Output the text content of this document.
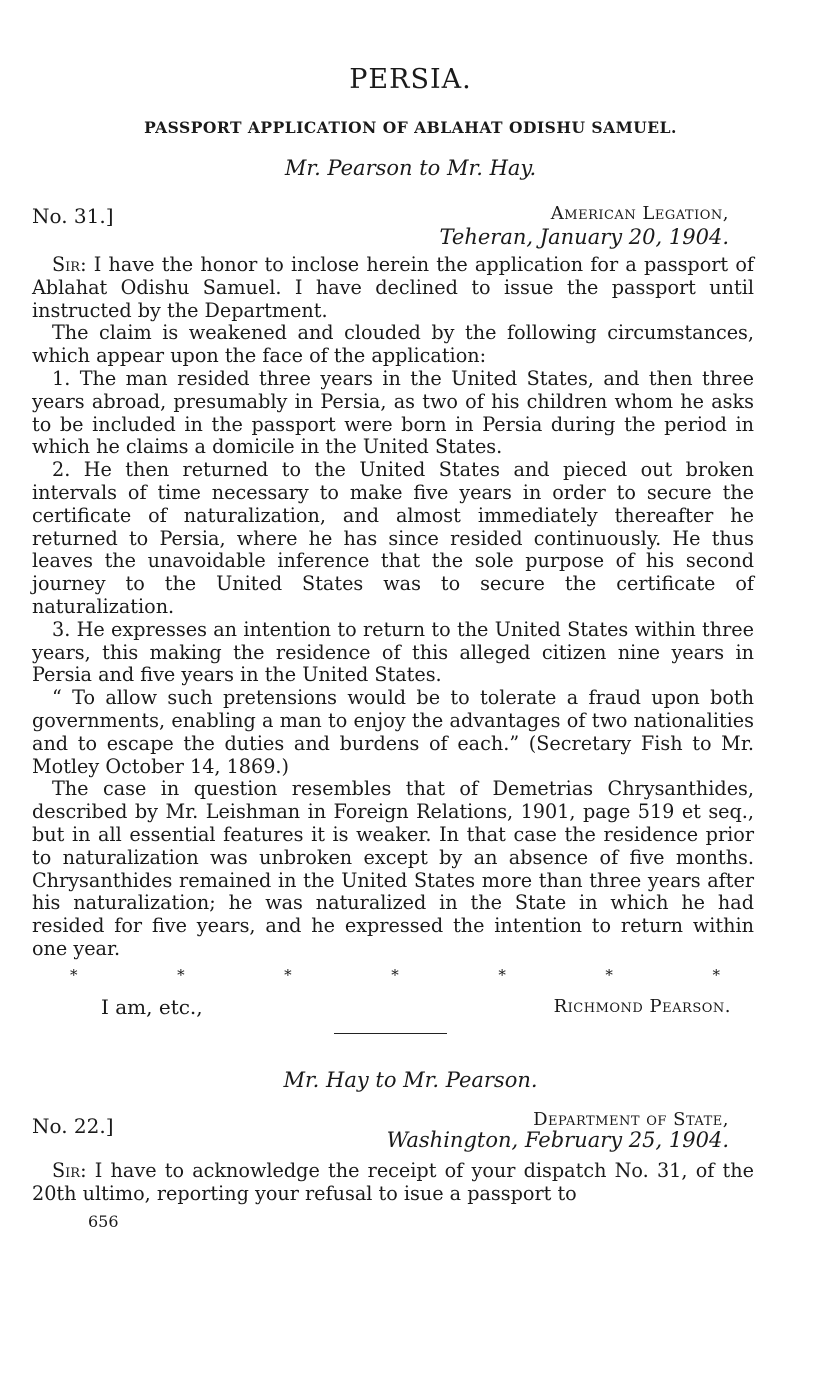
PERSIA.
PASSPORT APPLICATION OF ABLAHAT ODISHU SAMUEL.
Mr. Pearson to Mr. Hay.
No. 31.]	American Legation,
Teheran, January 20, 1904.

Sir: I have the honor to inclose herein the application for a passport of Ablahat Odishu Samuel. I have declined to issue the passport until instructed by the Department.

The claim is weakened and clouded by the following circumstances, which appear upon the face of the application:

1. The man resided three years in the United States, and then three years abroad, presumably in Persia, as two of his children whom he asks to be included in the passport were born in Persia during the period in which he claims a domicile in the United States.

2. He then returned to the United States and pieced out broken intervals of time necessary to make five years in order to secure the certificate of naturalization, and almost immediately thereafter he returned to Persia, where he has since resided continuously. He thus leaves the unavoidable inference that the sole purpose of his second journey to the United States was to secure the certificate of naturalization.

3. He expresses an intention to return to the United States within three years, this making the residence of this alleged citizen nine years in Persia and five years in the United States.

“ To allow such pretensions would be to tolerate a fraud upon both governments, enabling a man to enjoy the advantages of two nationalities and to escape the duties and burdens of each.” (Secretary Fish to Mr. Motley October 14, 1869.)

The case in question resembles that of Demetrias Chrysanthides, described by Mr. Leishman in Foreign Relations, 1901, page 519 et seq., but in all essential features it is weaker. In that case the residence prior to naturalization was unbroken except by an absence of five months. Chrysanthides remained in the United States more than three years after his naturalization; he was naturalized in the State in which he had resided for five years, and he expressed the intention to return within one year.

*	*	*	*	*	*	*
I am, etc.,	Richmond Pearson.
Mr. Hay to Mr. Pearson.
No. 22.]	Department of State,
Washington, February 25, 1904.

Sir: I have to acknowledge the receipt of your dispatch No. 31, of the 20th ultimo, reporting your refusal to isue a passport to

656
